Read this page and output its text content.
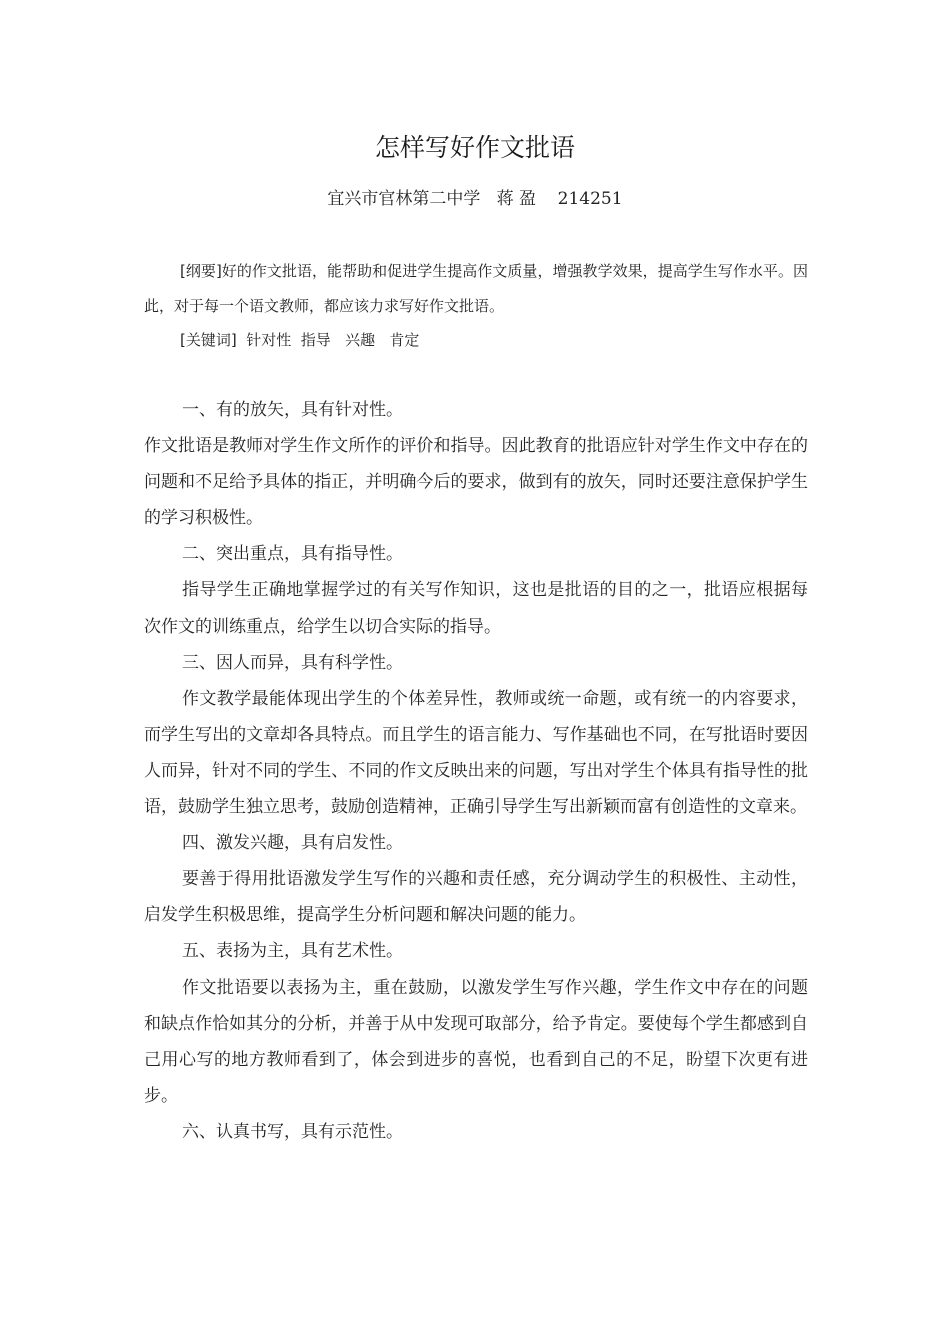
怎样写好作文批语
宜兴市官林第二中学   蒋 盈    214251
[纲要]好的作文批语，能帮助和促进学生提高作文质量，增强教学效果，提高学生写作水平。因此，对于每一个语文教师，都应该力求写好作文批语。
[关键词]  针对性  指导   兴趣   肯定

一、有的放矢，具有针对性。

作文批语是教师对学生作文所作的评价和指导。因此教育的批语应针对学生作文中存在的问题和不足给予具体的指正，并明确今后的要求，做到有的放矢，同时还要注意保护学生的学习积极性。

二、突出重点，具有指导性。

指导学生正确地掌握学过的有关写作知识，这也是批语的目的之一，批语应根据每次作文的训练重点，给学生以切合实际的指导。

三、因人而异，具有科学性。

作文教学最能体现出学生的个体差异性，教师或统一命题，或有统一的内容要求，而学生写出的文章却各具特点。而且学生的语言能力、写作基础也不同，在写批语时要因人而异，针对不同的学生、不同的作文反映出来的问题，写出对学生个体具有指导性的批语，鼓励学生独立思考，鼓励创造精神，正确引导学生写出新颖而富有创造性的文章来。

四、激发兴趣，具有启发性。

要善于得用批语激发学生写作的兴趣和责任感，充分调动学生的积极性、主动性，启发学生积极思维，提高学生分析问题和解决问题的能力。

五、表扬为主，具有艺术性。

作文批语要以表扬为主，重在鼓励，以激发学生写作兴趣，学生作文中存在的问题和缺点作恰如其分的分析，并善于从中发现可取部分，给予肯定。要使每个学生都感到自己用心写的地方教师看到了，体会到进步的喜悦，也看到自己的不足，盼望下次更有进步。

六、认真书写，具有示范性。
